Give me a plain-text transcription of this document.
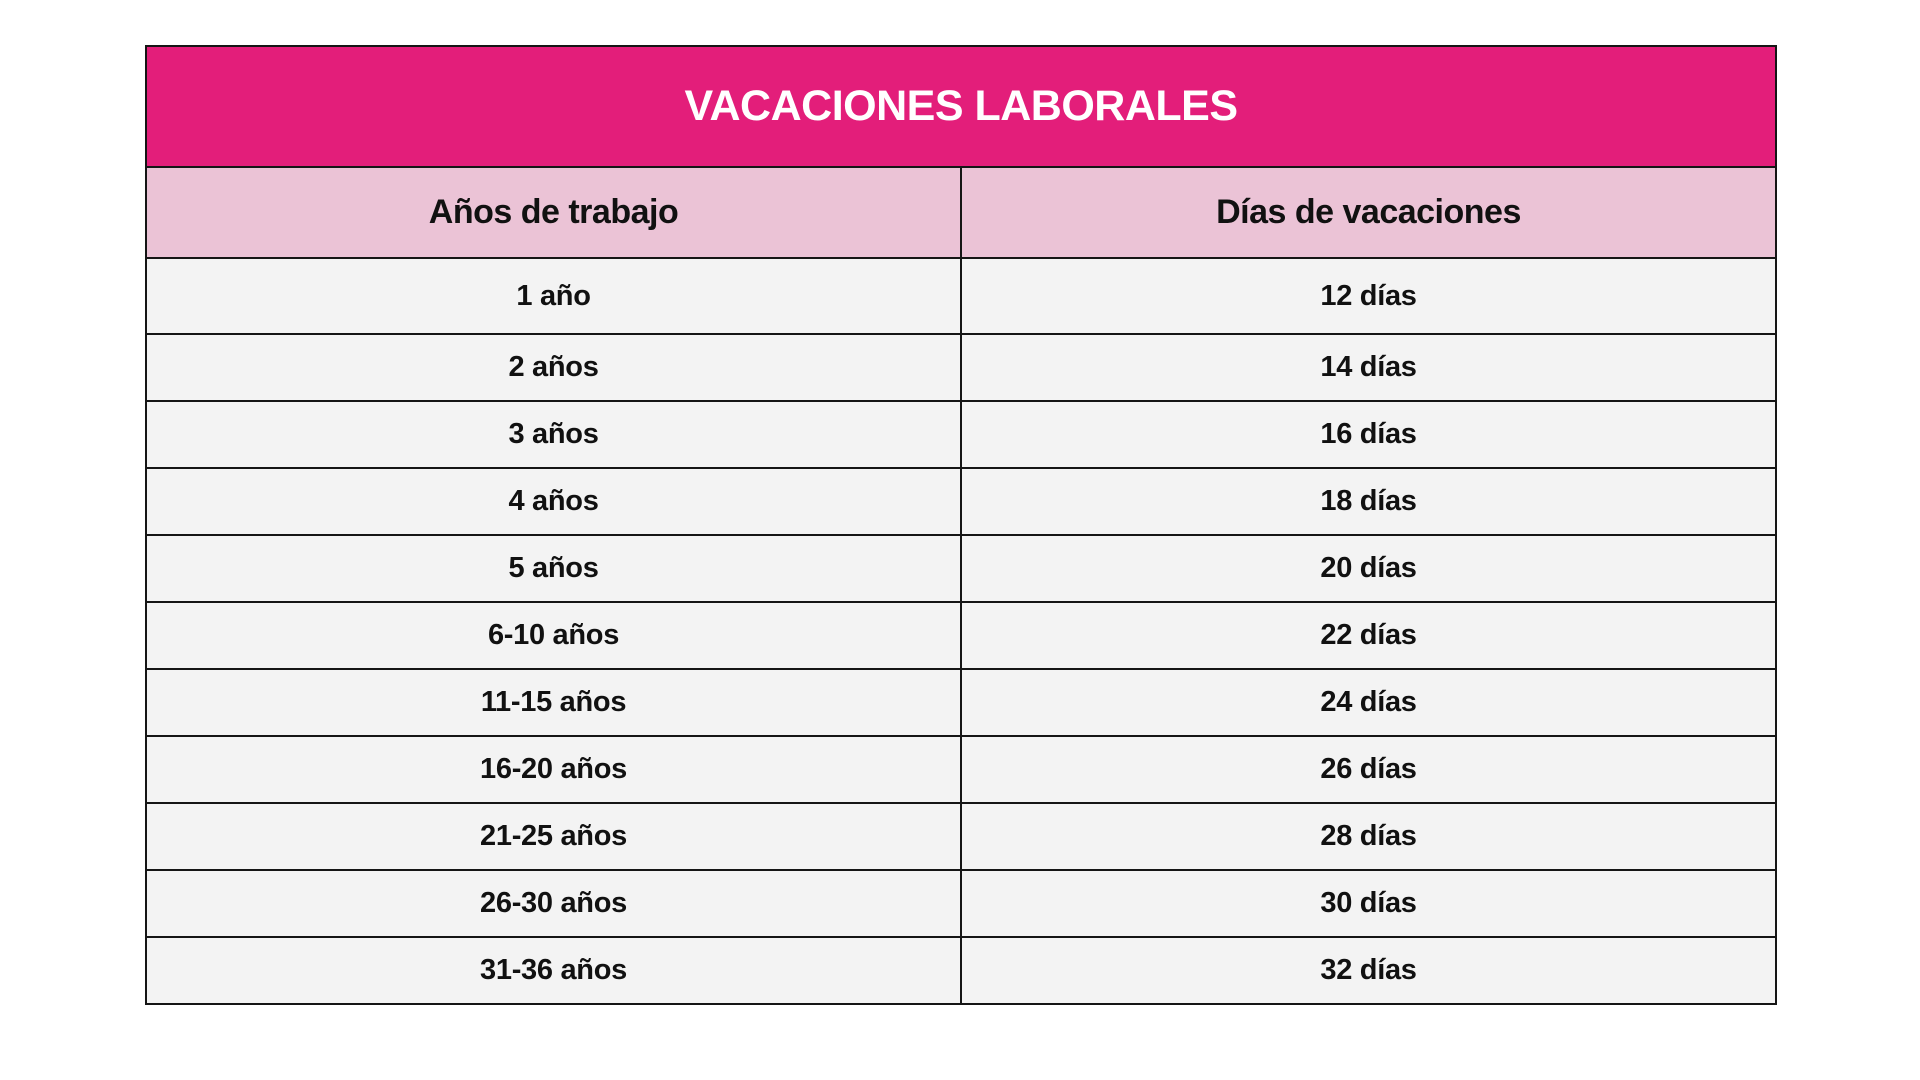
VACACIONES LABORALES	
Años de trabajo	Días de vacaciones
1 año	12 días
2 años	14 días
3 años	16 días
4 años	18 días
5 años	20 días
6-10 años	22 días
11-15 años	24 días
16-20 años	26 días
21-25 años	28 días
26-30 años	30 días
31-36 años	32 días
